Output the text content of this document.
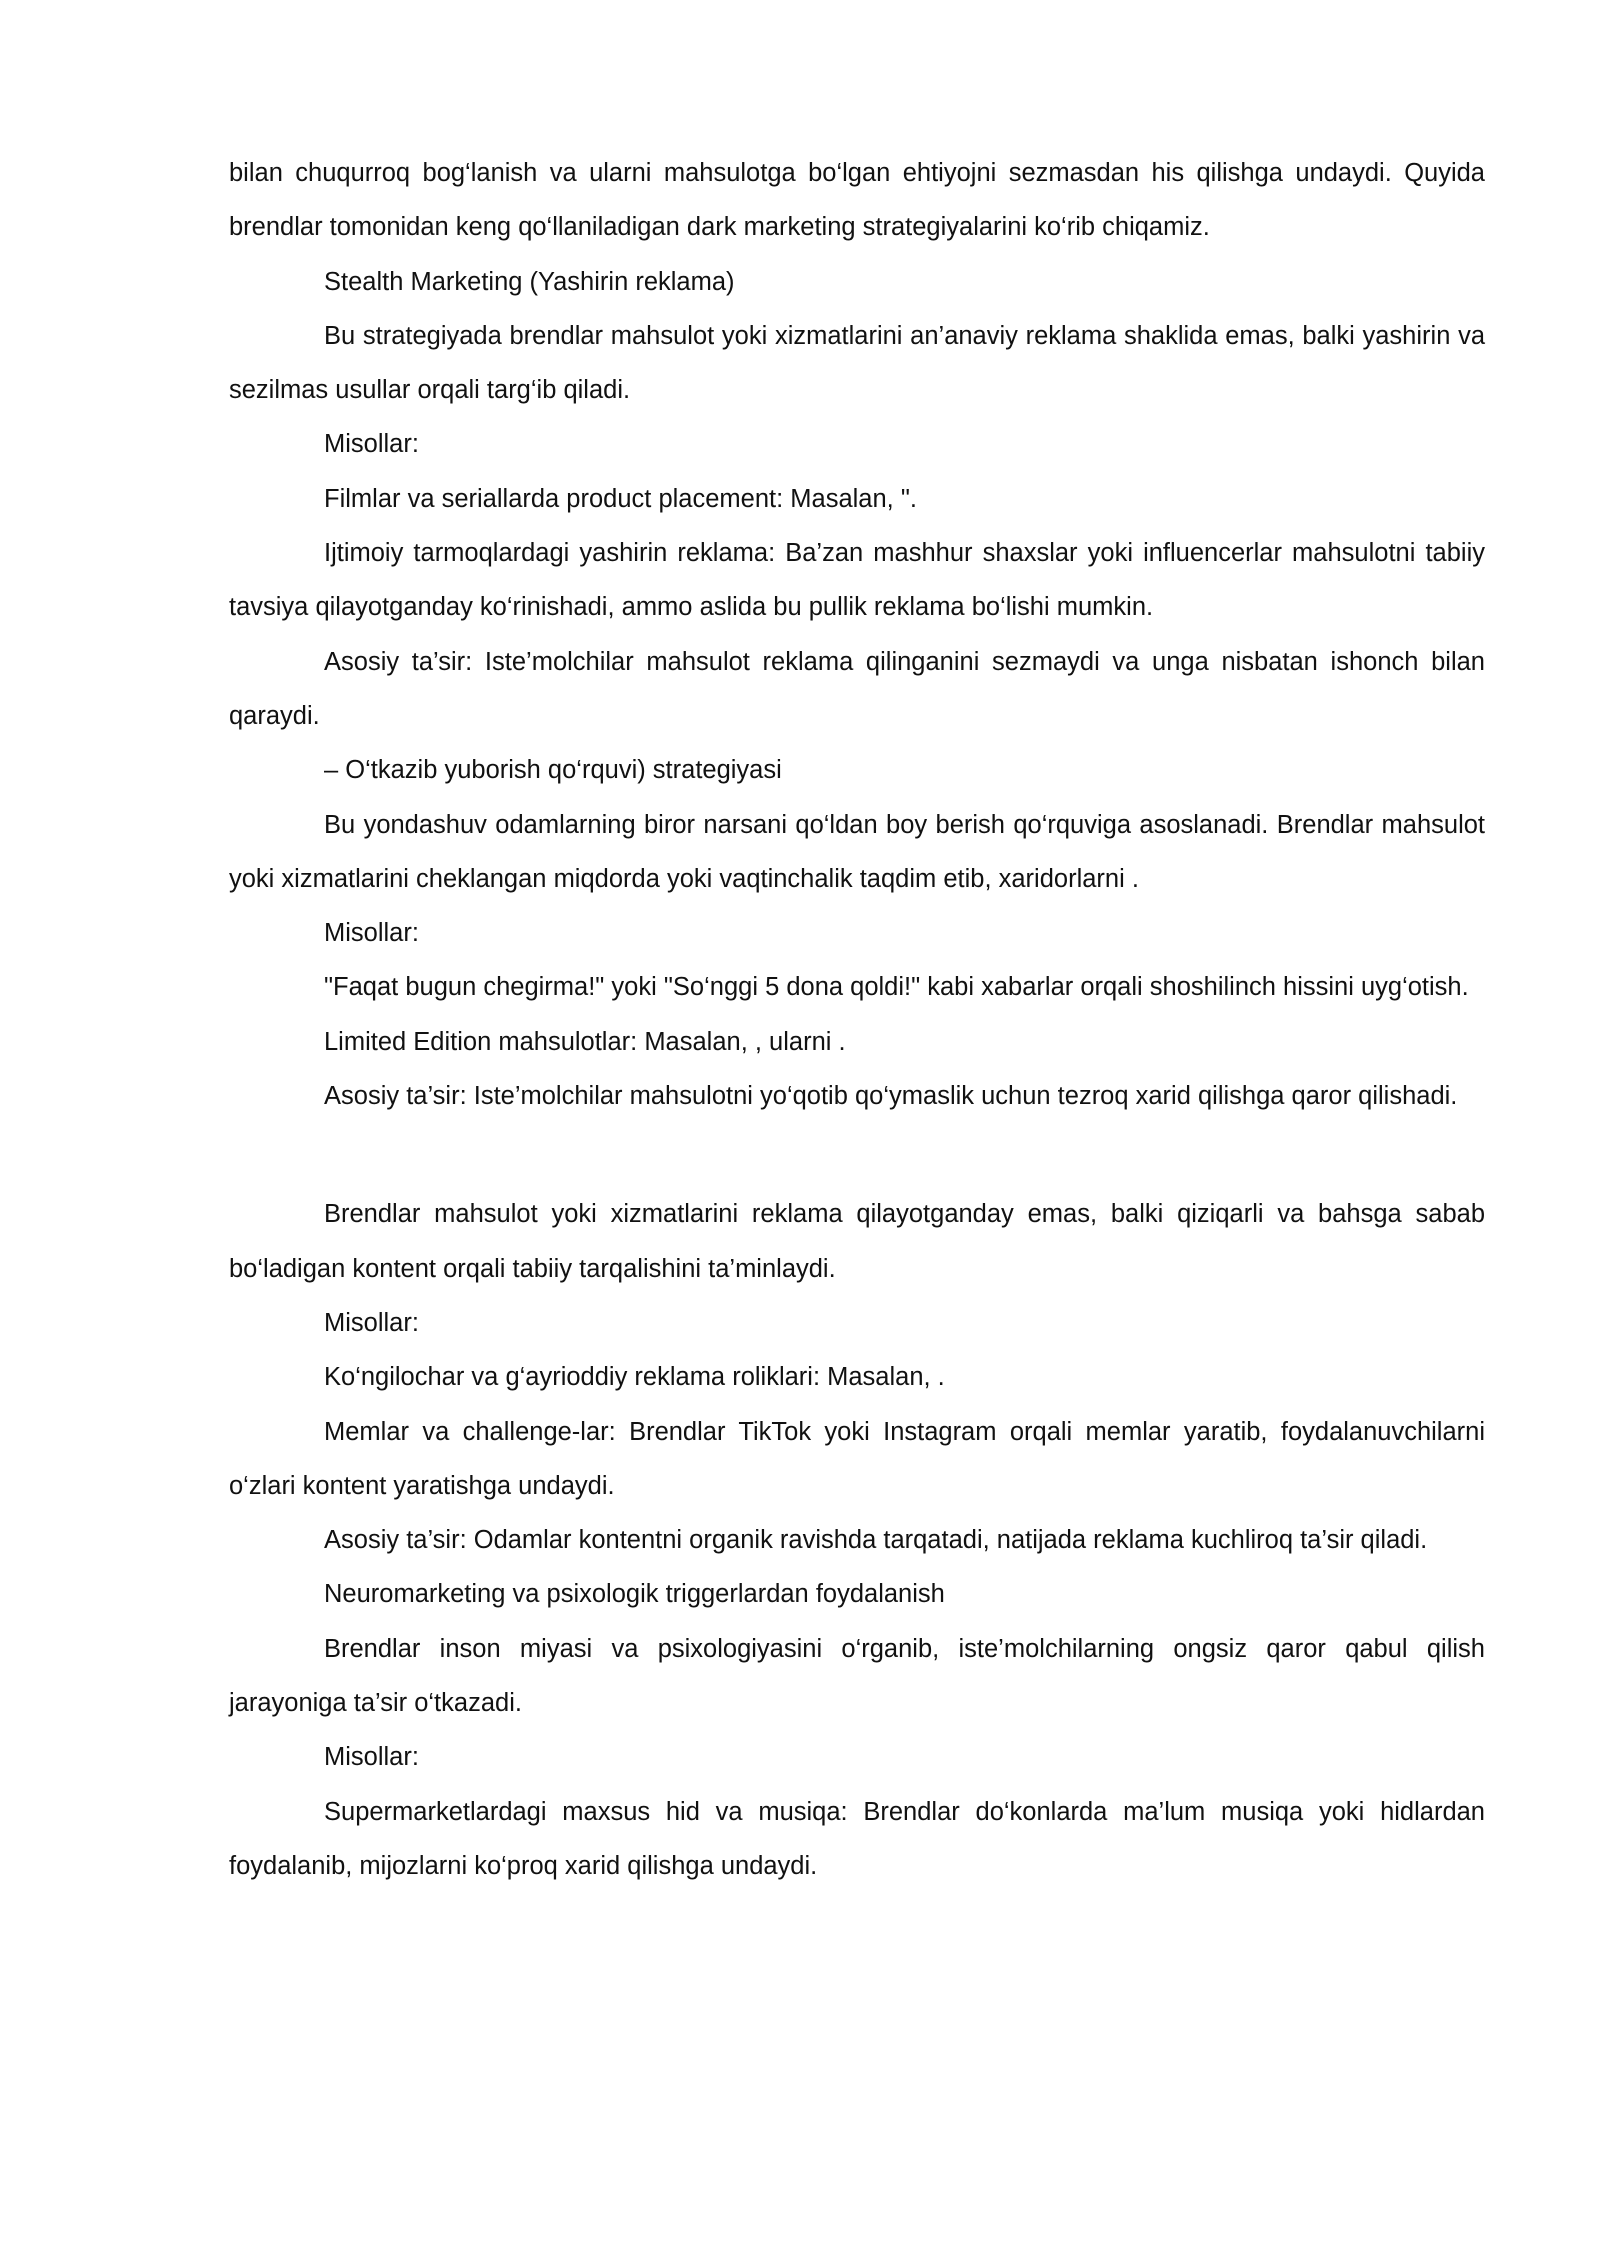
bilan chuqurroq bog‘lanish va ularni mahsulotga bo‘lgan ehtiyojni sezmasdan his qilishga undaydi. Quyida brendlar tomonidan keng qo‘llaniladigan dark marketing strategiyalarini ko‘rib chiqamiz.

Stealth Marketing (Yashirin reklama)

Bu strategiyada brendlar mahsulot yoki xizmatlarini an’anaviy reklama shaklida emas, balki yashirin va sezilmas usullar orqali targ‘ib qiladi.

Misollar:

Filmlar va seriallarda product placement: Masalan, ".

Ijtimoiy tarmoqlardagi yashirin reklama: Ba’zan mashhur shaxslar yoki influencerlar mahsulotni tabiiy tavsiya qilayotganday ko‘rinishadi, ammo aslida bu pullik reklama bo‘lishi mumkin.

Asosiy ta’sir: Iste’molchilar mahsulot reklama qilinganini sezmaydi va unga nisbatan ishonch bilan qaraydi.

– O‘tkazib yuborish qo‘rquvi) strategiyasi

Bu yondashuv odamlarning biror narsani qo‘ldan boy berish qo‘rquviga asoslanadi. Brendlar mahsulot yoki xizmatlarini cheklangan miqdorda yoki vaqtinchalik taqdim etib, xaridorlarni .

Misollar:

"Faqat bugun chegirma!" yoki "So‘nggi 5 dona qoldi!" kabi xabarlar orqali shoshilinch hissini uyg‘otish.

Limited Edition mahsulotlar: Masalan, , ularni .

Asosiy ta’sir: Iste’molchilar mahsulotni yo‘qotib qo‘ymaslik uchun tezroq xarid qilishga qaror qilishadi.

Brendlar mahsulot yoki xizmatlarini reklama qilayotganday emas, balki qiziqarli va bahsga sabab bo‘ladigan kontent orqali tabiiy tarqalishini ta’minlaydi.

Misollar:

Ko‘ngilochar va g‘ayrioddiy reklama roliklari: Masalan, .

Memlar va challenge-lar: Brendlar TikTok yoki Instagram orqali memlar yaratib, foydalanuvchilarni o‘zlari kontent yaratishga undaydi.

Asosiy ta’sir: Odamlar kontentni organik ravishda tarqatadi, natijada reklama kuchliroq ta’sir qiladi.

Neuromarketing va psixologik triggerlardan foydalanish

Brendlar inson miyasi va psixologiyasini o‘rganib, iste’molchilarning ongsiz qaror qabul qilish jarayoniga ta’sir o‘tkazadi.

Misollar:

Supermarketlardagi maxsus hid va musiqa: Brendlar do‘konlarda ma’lum musiqa yoki hidlardan foydalanib, mijozlarni ko‘proq xarid qilishga undaydi.
